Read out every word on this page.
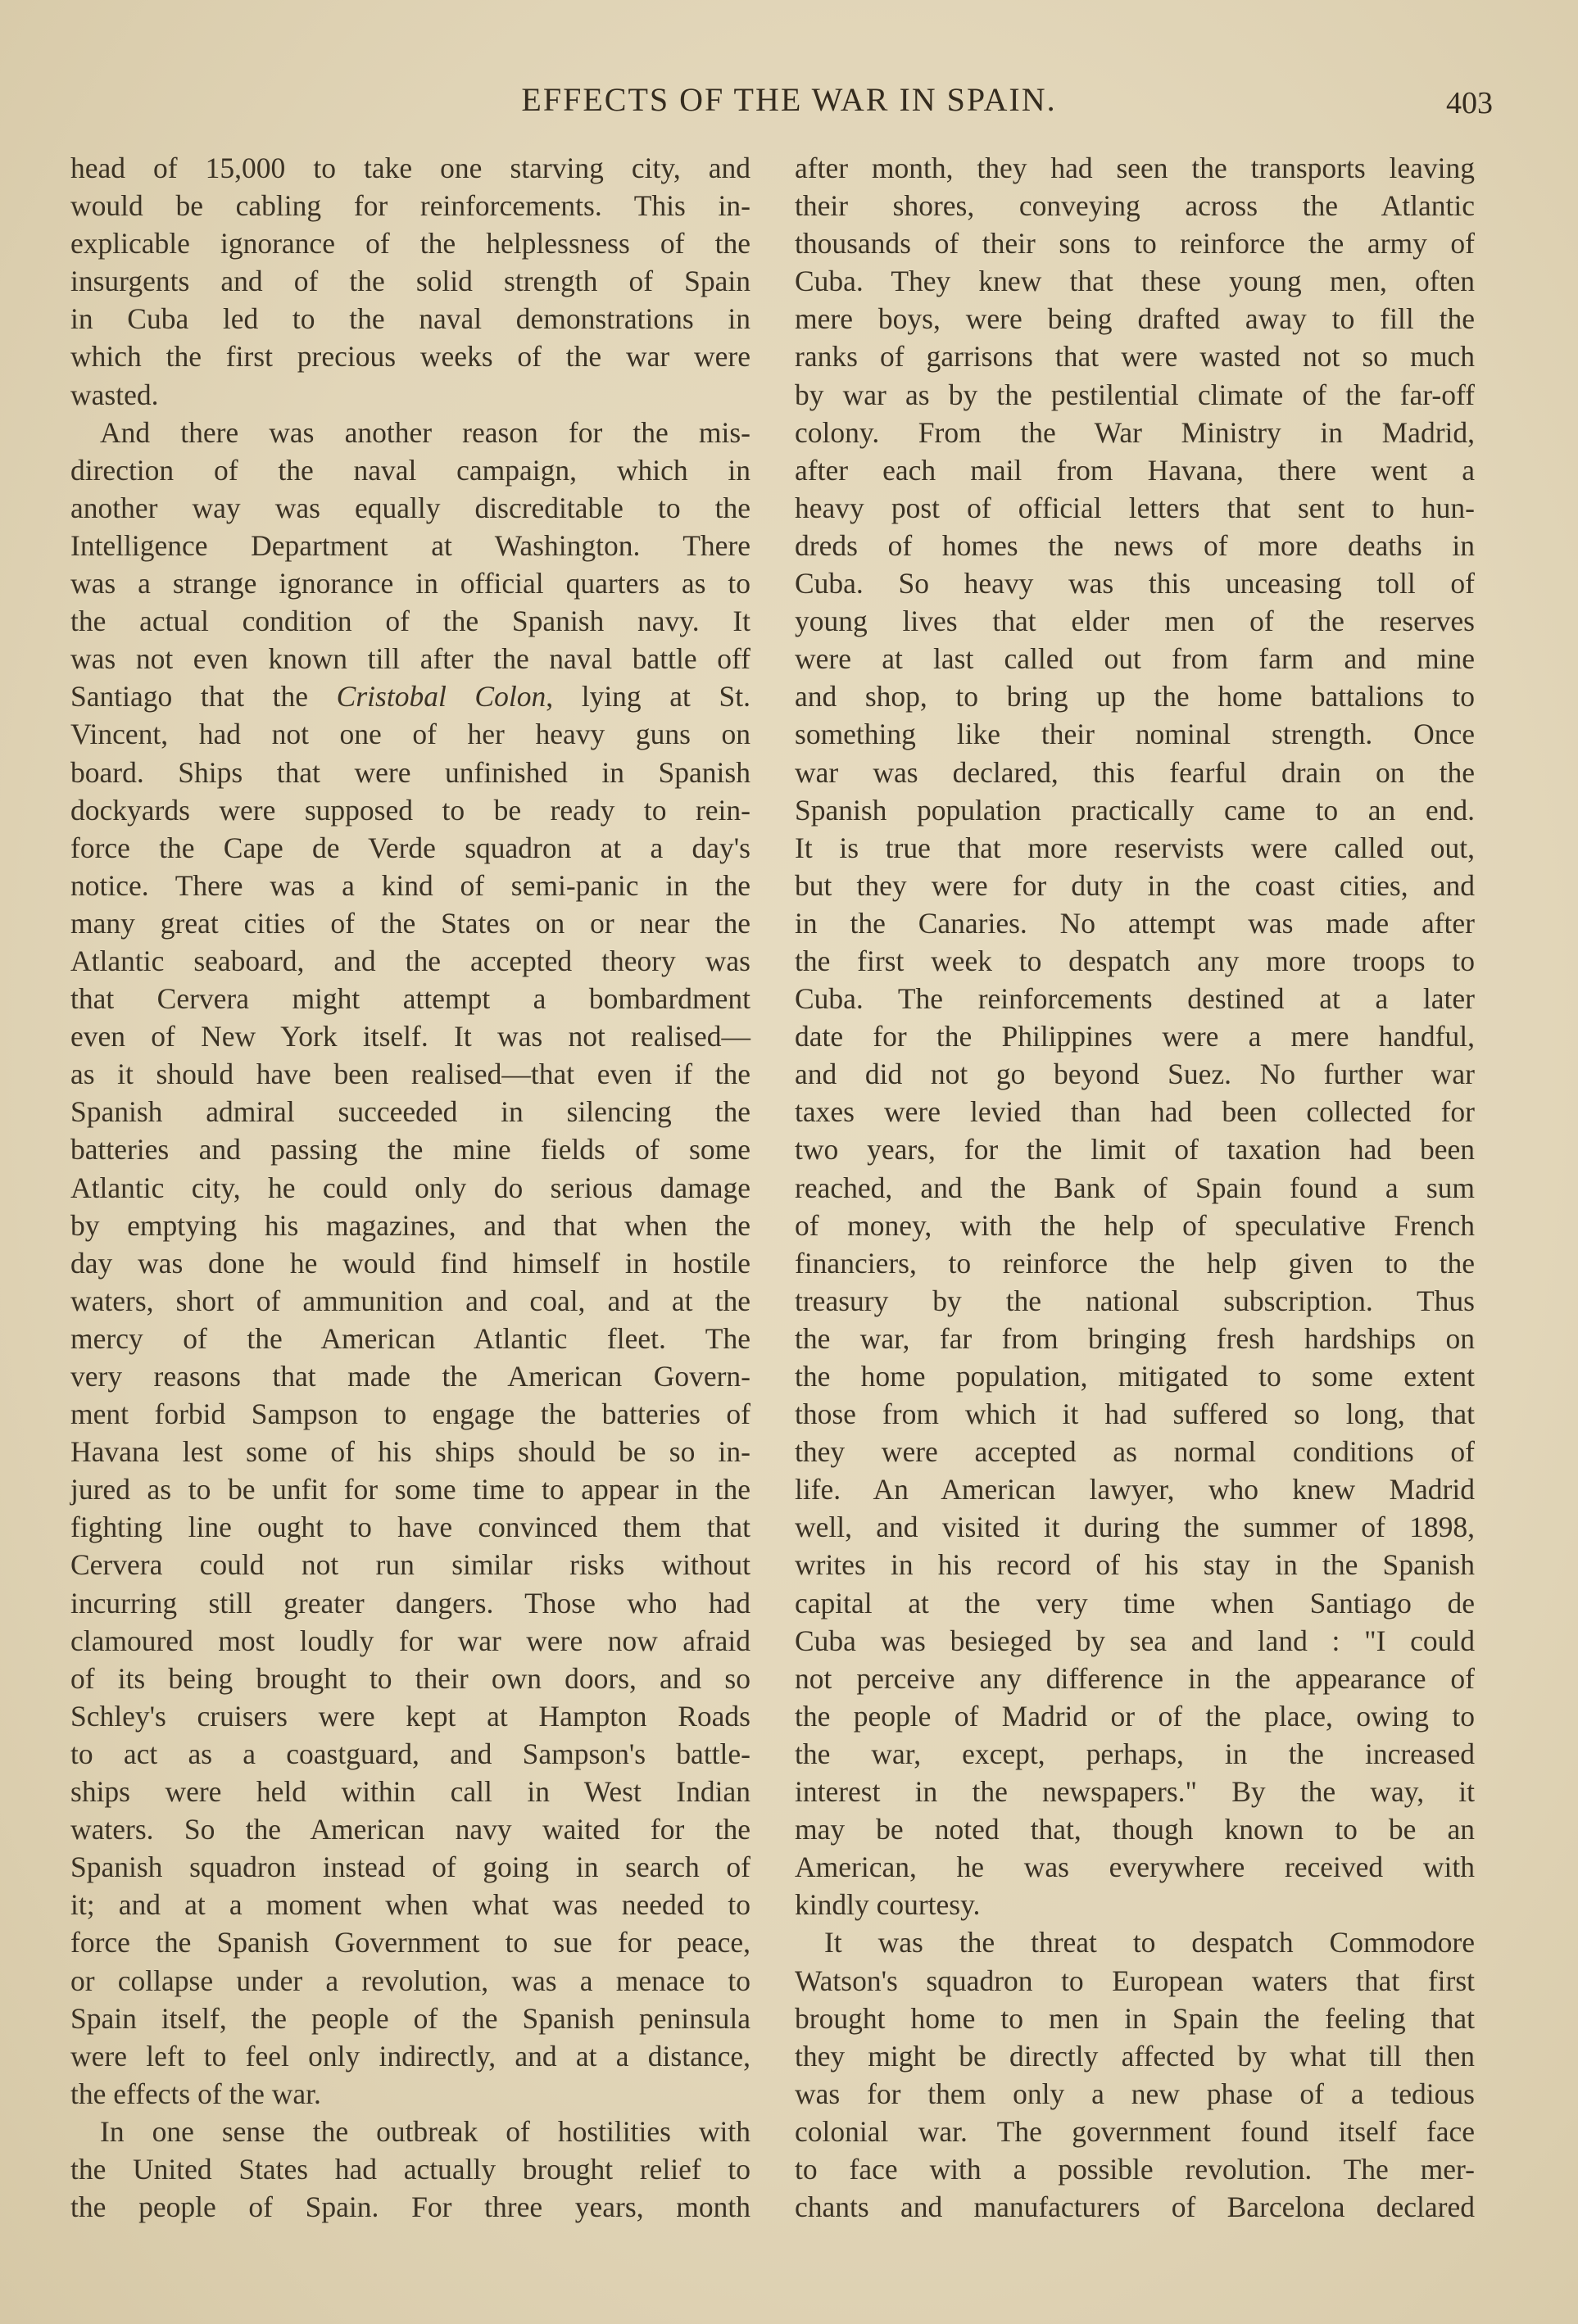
EFFECTS OF THE WAR IN SPAIN.	403

head of 15,000 to take one starving city, and

would be cabling for reinforcements. This in-

explicable ignorance of the helplessness of the

insurgents and of the solid strength of Spain

in Cuba led to the naval demonstrations in

which the first precious weeks of the war were

wasted.

And there was another reason for the mis-

direction of the naval campaign, which in

another way was equally discreditable to the

Intelligence Department at Washington. There

was a strange ignorance in official quarters as to

the actual condition of the Spanish navy. It

was not even known till after the naval battle off

Santiago that the Cristobal Colon, lying at St.

Vincent, had not one of her heavy guns on

board. Ships that were unfinished in Spanish

dockyards were supposed to be ready to rein-

force the Cape de Verde squadron at a day's

notice. There was a kind of semi-panic in the

many great cities of the States on or near the

Atlantic seaboard, and the accepted theory was

that Cervera might attempt a bombardment

even of New York itself. It was not realised—

as it should have been realised—that even if the

Spanish admiral succeeded in silencing the

batteries and passing the mine fields of some

Atlantic city, he could only do serious damage

by emptying his magazines, and that when the

day was done he would find himself in hostile

waters, short of ammunition and coal, and at the

mercy of the American Atlantic fleet. The

very reasons that made the American Govern-

ment forbid Sampson to engage the batteries of

Havana lest some of his ships should be so in-

jured as to be unfit for some time to appear in the

fighting line ought to have convinced them that

Cervera could not run similar risks without

incurring still greater dangers. Those who had

clamoured most loudly for war were now afraid

of its being brought to their own doors, and so

Schley's cruisers were kept at Hampton Roads

to act as a coastguard, and Sampson's battle-

ships were held within call in West Indian

waters. So the American navy waited for the

Spanish squadron instead of going in search of

it; and at a moment when what was needed to

force the Spanish Government to sue for peace,

or collapse under a revolution, was a menace to

Spain itself, the people of the Spanish peninsula

were left to feel only indirectly, and at a distance,

the effects of the war.

In one sense the outbreak of hostilities with

the United States had actually brought relief to

the people of Spain. For three years, month

after month, they had seen the transports leaving

their shores, conveying across the Atlantic

thousands of their sons to reinforce the army of

Cuba. They knew that these young men, often

mere boys, were being drafted away to fill the

ranks of garrisons that were wasted not so much

by war as by the pestilential climate of the far-off

colony. From the War Ministry in Madrid,

after each mail from Havana, there went a

heavy post of official letters that sent to hun-

dreds of homes the news of more deaths in

Cuba. So heavy was this unceasing toll of

young lives that elder men of the reserves

were at last called out from farm and mine

and shop, to bring up the home battalions to

something like their nominal strength. Once

war was declared, this fearful drain on the

Spanish population practically came to an end.

It is true that more reservists were called out,

but they were for duty in the coast cities, and

in the Canaries. No attempt was made after

the first week to despatch any more troops to

Cuba. The reinforcements destined at a later

date for the Philippines were a mere handful,

and did not go beyond Suez. No further war

taxes were levied than had been collected for

two years, for the limit of taxation had been

reached, and the Bank of Spain found a sum

of money, with the help of speculative French

financiers, to reinforce the help given to the

treasury by the national subscription. Thus

the war, far from bringing fresh hardships on

the home population, mitigated to some extent

those from which it had suffered so long, that

they were accepted as normal conditions of

life. An American lawyer, who knew Madrid

well, and visited it during the summer of 1898,

writes in his record of his stay in the Spanish

capital at the very time when Santiago de

Cuba was besieged by sea and land : "I could

not perceive any difference in the appearance of

the people of Madrid or of the place, owing to

the war, except, perhaps, in the increased

interest in the newspapers." By the way, it

may be noted that, though known to be an

American, he was everywhere received with

kindly courtesy.

It was the threat to despatch Commodore

Watson's squadron to European waters that first

brought home to men in Spain the feeling that

they might be directly affected by what till then

was for them only a new phase of a tedious

colonial war. The government found itself face

to face with a possible revolution. The mer-

chants and manufacturers of Barcelona declared
